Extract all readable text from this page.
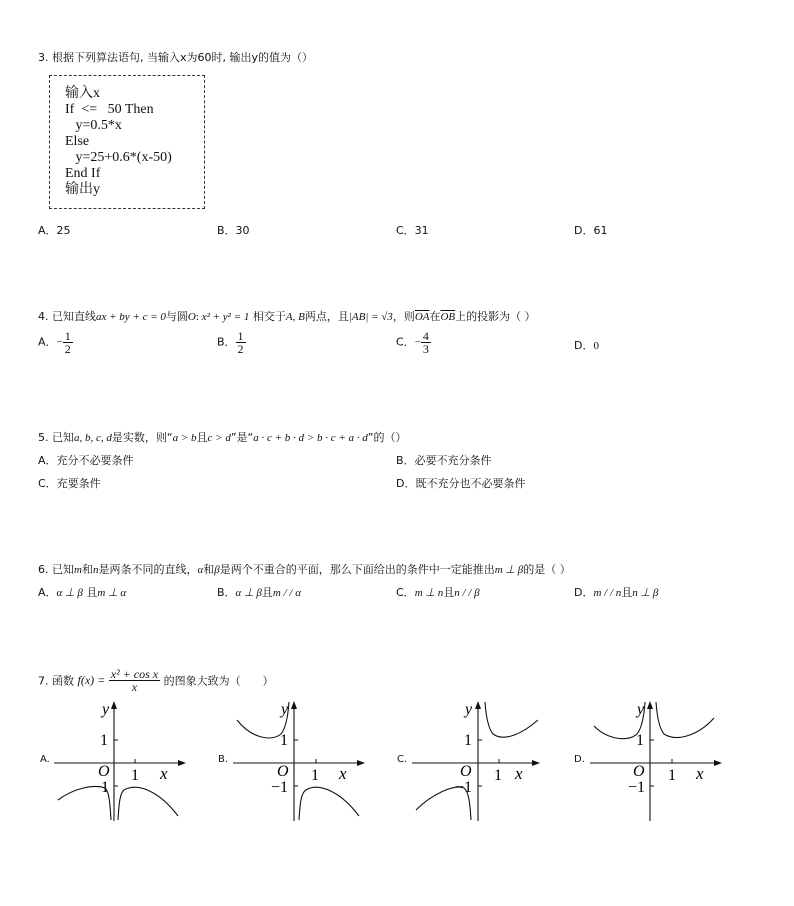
3. 根据下列算法语句, 当输入x为60时, 输出y的值为（）
输入x
If  <=   50 Then
y=0.5*x
Else
y=25+0.6*(x-50)
End If
输出y
A．25	B．30	C．31	D．61
4. 已知直线ax + by + c = 0与圆O: x² + y² = 1 相交于A, B两点，且|AB| = √3，则$\overline{OA}$在$\overline{OB}$上的投影为（ ）
A．− $\frac{1}{2}$	B． $\frac{1}{2}$	C．− $\frac{4}{3}$	D．0
5. 已知a, b, c, d是实数，则“a > b且c > d”是“a · c + b · d > b · c + a · d”的（）
A．充分不必要条件	B．必要不充分条件
C．充要条件	D．既不充分也不必要条件
6. 已知m和n是两条不同的直线，α和β是两个不重合的平面，那么下面给出的条件中一定能推出m ⊥ β的是（ ）
A．α ⊥ β 且m ⊥ α	B．α ⊥ β且m / / α	C．m ⊥ n且n / / β	D．m / / n且n ⊥ β
7. 函数 $f(x) = \frac{\text{x² + cos x}}{x}$ 的图象大致为（　　）
A.
y
1
O 1 x
−1
B.
y
1
O 1 x
−1
C.
y
1
O 1 x
−1
D.
y
1
O 1 x
−1
